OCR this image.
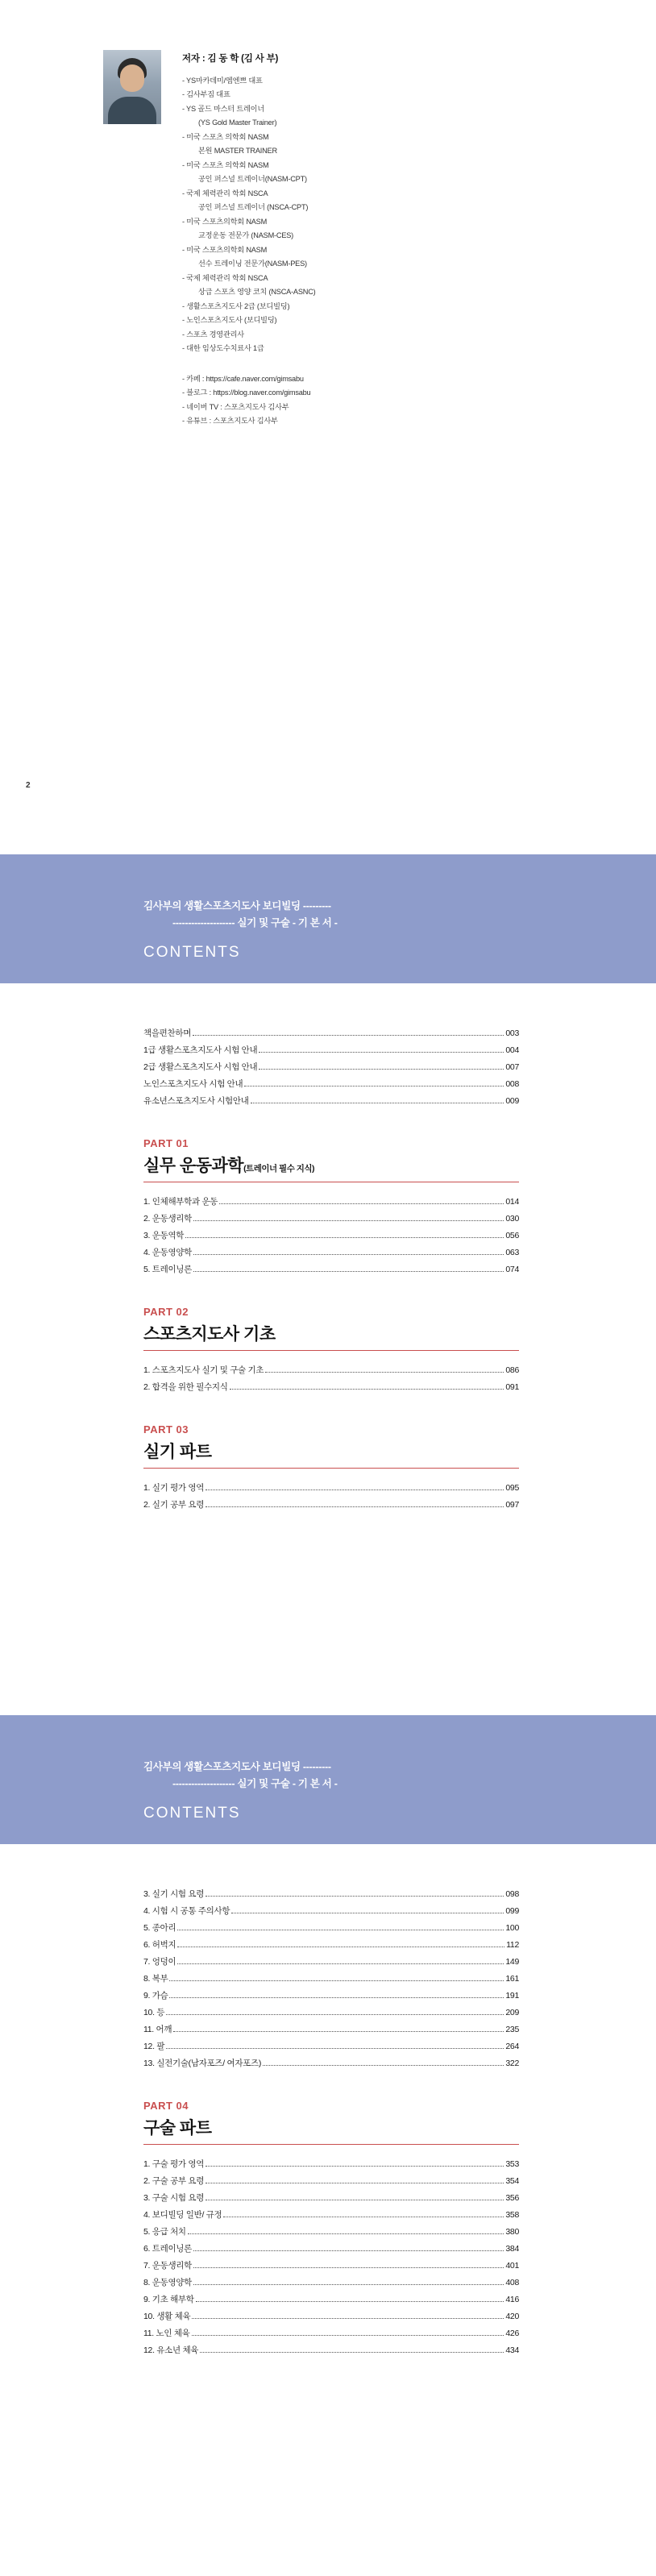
저자 : 김 동 학 (김 사 부)
- YS마카데미/엠엔쁘 대표
- 김사부짐 대표
- YS 골드 마스터 트레이너
(YS Gold Master Trainer)
- 미국 스포츠 의학회 NASM
본원 MASTER TRAINER
- 미국 스포츠 의학회 NASM
공인 퍼스널 트레이너(NASM-CPT)
- 국제 체력관리 학회 NSCA
공인 퍼스널 트레이너 (NSCA-CPT)
- 미국 스포츠의학회 NASM
교정운동 전문가 (NASM-CES)
- 미국 스포츠의학회 NASM
선수 트레이닝 전문가(NASM-PES)
- 국제 체력관리 학회 NSCA
상급 스포츠 영양 코치 (NSCA-ASNC)
- 생활스포츠지도사 2급 (보디빌딩)
- 노인스포츠지도사 (보디빌딩)
- 스포츠 경영관리사
- 대한 임상도수치료사 1급
- 카페 : https://cafe.naver.com/gimsabu
- 블로그 : https://blog.naver.com/gimsabu
- 네이버 TV : 스포츠지도사 김사부
- 유튜브 : 스포츠지도사 김사부
2
김사부의 생활스포츠지도사 보디빌딩 ---------
-------------------- 실기 및 구술 - 기 본 서 -
CONTENTS
책을편찬하며	003
1급 생활스포츠지도사 시험 안내	004
2급 생활스포츠지도사 시험 안내	007
노인스포츠지도사 시험 안내	008
유소년스포츠지도사 시험안내	009
PART 01
실무 운동과학(트레이너 필수 지식)
1. 인체해부학과 운동	014
2. 운동생리학	030
3. 운동역학	056
4. 운동영양학	063
5. 트레이닝론	074
PART 02
스포츠지도사 기초
1. 스포츠지도사 실기 및 구술 기초	086
2. 합격을 위한 필수지식	091
PART 03
실기 파트
1. 실기 평가 영역	095
2. 실기 공부 요령	097
김사부의 생활스포츠지도사 보디빌딩 ---------
-------------------- 실기 및 구술 - 기 본 서 -
CONTENTS
3. 실기 시험 요령	098
4. 시험 시 공통 주의사항	099
5. 종아리	100
6. 허벅지	112
7. 엉덩이	149
8. 복부	161
9. 가슴	191
10. 등	209
11. 어깨	235
12. 팔	264
13. 실전기술(남자포즈/ 여자포즈)	322
PART 04
구술 파트
1. 구술 평가 영역	353
2. 구술 공부 요령	354
3. 구술 시험 요령	356
4. 보디빌딩 일반/ 규정	358
5. 응급 처치	380
6. 트레이닝론	384
7. 운동생리학	401
8. 운동영양학	408
9. 기초 해부학	416
10. 생활 체육	420
11. 노인 체육	426
12. 유소년 체육	434
